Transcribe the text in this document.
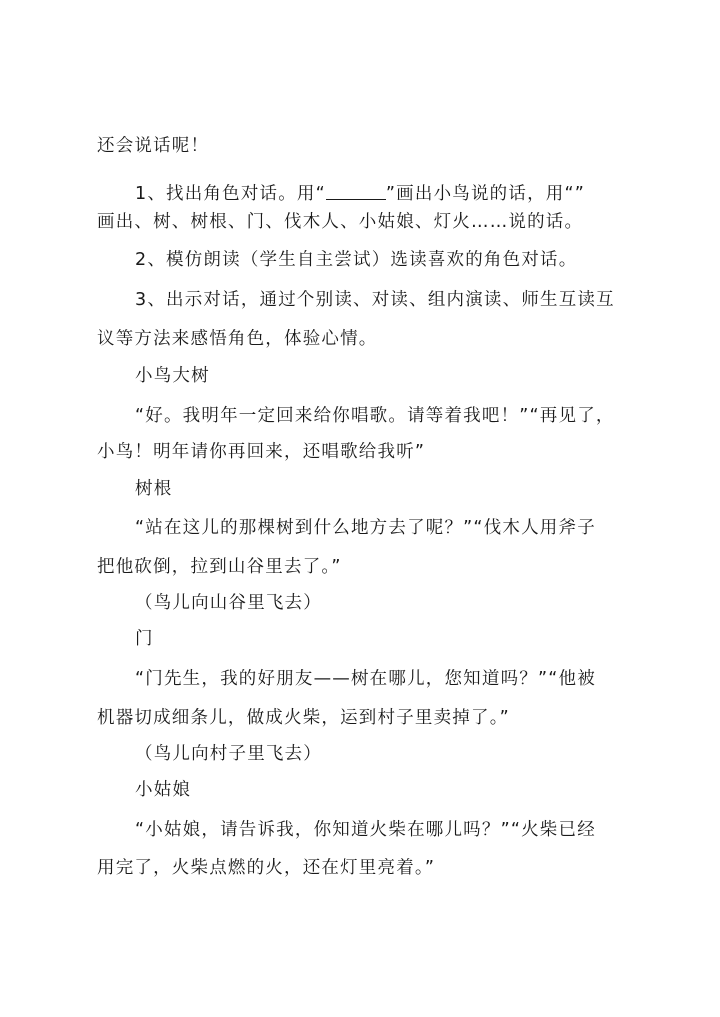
还会说话呢！
1、找出角色对话。用“	”画出小鸟说的话，用“”
画出、树、树根、门、伐木人、小姑娘、灯火……说的话。
2、模仿朗读（学生自主尝试）选读喜欢的角色对话。
3、出示对话，通过个别读、对读、组内演读、师生互读互
议等方法来感悟角色，体验心情。
小鸟大树
“好。我明年一定回来给你唱歌。请等着我吧！”“再见了，
小鸟！明年请你再回来，还唱歌给我听”
树根
“站在这儿的那棵树到什么地方去了呢？”“伐木人用斧子
把他砍倒，拉到山谷里去了。”
（鸟儿向山谷里飞去）
门
“门先生，我的好朋友——树在哪儿，您知道吗？”“他被
机器切成细条儿，做成火柴，运到村子里卖掉了。”
（鸟儿向村子里飞去）
小姑娘
“小姑娘，请告诉我，你知道火柴在哪儿吗？”“火柴已经
用完了，火柴点燃的火，还在灯里亮着。”
